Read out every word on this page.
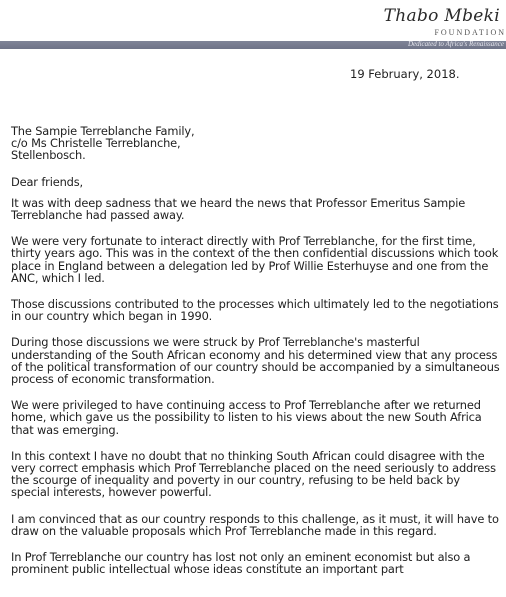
Thabo Mbeki
FOUNDATION
Dedicated to Africa's Renaissance
19 February, 2018.

The Sampie Terreblanche Family,
c/o Ms Christelle Terreblanche,
Stellenbosch.

Dear friends,

It was with deep sadness that we heard the news that Professor Emeritus Sampie Terreblanche had passed away.

We were very fortunate to interact directly with Prof Terreblanche, for the first time, thirty years ago. This was in the context of the then confidential discussions which took place in England between a delegation led by Prof Willie Esterhuyse and one from the ANC, which I led.

Those discussions contributed to the processes which ultimately led to the negotiations in our country which began in 1990.

During those discussions we were struck by Prof Terreblanche's masterful understanding of the South African economy and his determined view that any process of the political transformation of our country should be accompanied by a simultaneous process of economic transformation.

We were privileged to have continuing access to Prof Terreblanche after we returned home, which gave us the possibility to listen to his views about the new South Africa that was emerging.

In this context I have no doubt that no thinking South African could disagree with the very correct emphasis which Prof Terreblanche placed on the need seriously to address the scourge of inequality and poverty in our country, refusing to be held back by special interests, however powerful.

I am convinced that as our country responds to this challenge, as it must, it will have to draw on the valuable proposals which Prof Terreblanche made in this regard.

In Prof Terreblanche our country has lost not only an eminent economist but also a prominent public intellectual whose ideas constitute an important part
